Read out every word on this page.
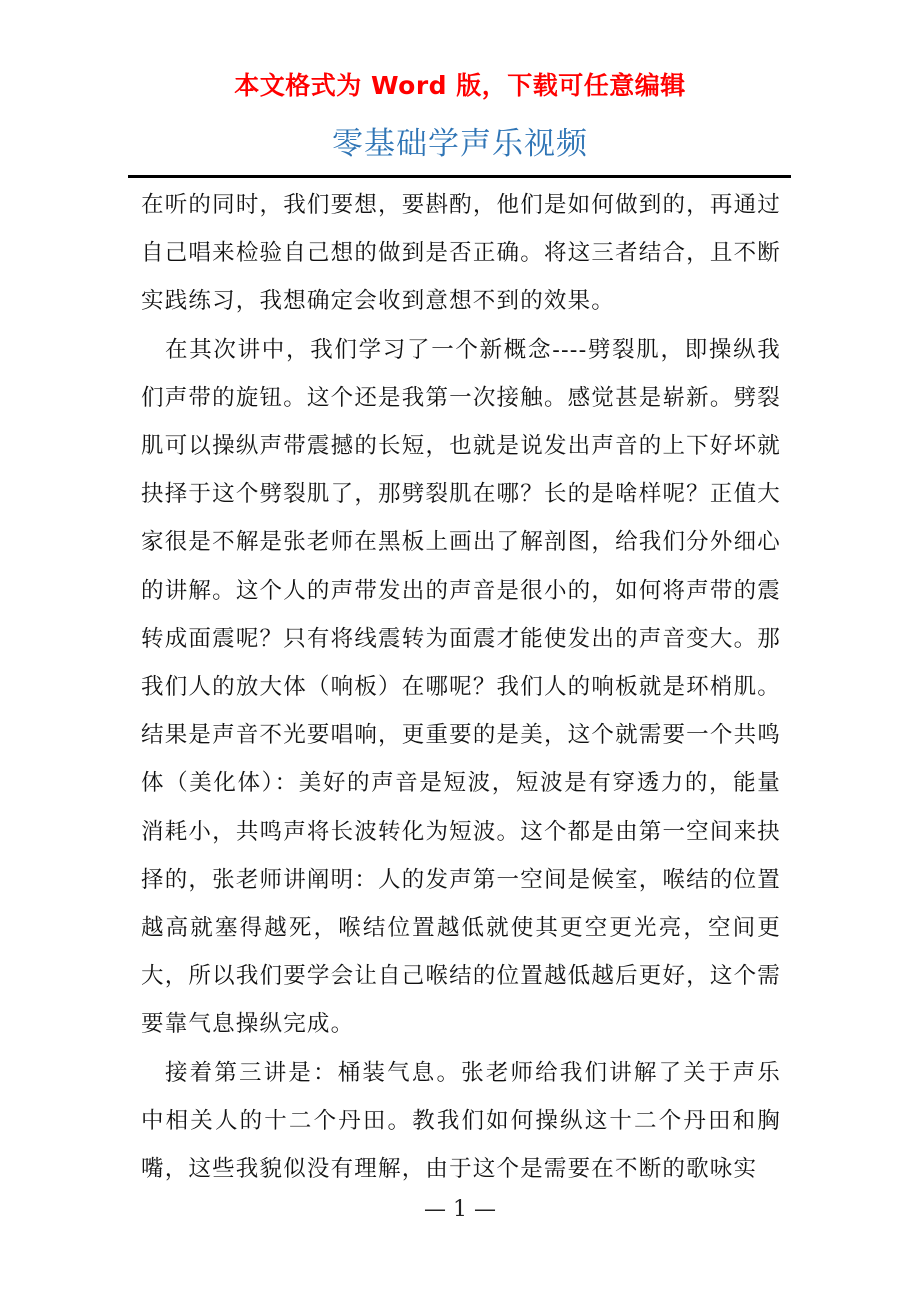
本文格式为 Word 版，下载可任意编辑
零基础学声乐视频

在听的同时，我们要想，要斟酌，他们是如何做到的，再通过自己唱来检验自己想的做到是否正确。将这三者结合，且不断实践练习，我想确定会收到意想不到的效果。

在其次讲中，我们学习了一个新概念----劈裂肌，即操纵我们声带的旋钮。这个还是我第一次接触。感觉甚是崭新。劈裂肌可以操纵声带震撼的长短，也就是说发出声音的上下好坏就抉择于这个劈裂肌了，那劈裂肌在哪？长的是啥样呢？正值大家很是不解是张老师在黑板上画出了解剖图，给我们分外细心的讲解。这个人的声带发出的声音是很小的，如何将声带的震转成面震呢？只有将线震转为面震才能使发出的声音变大。那我们人的放大体（响板）在哪呢？我们人的响板就是环梢肌。结果是声音不光要唱响，更重要的是美，这个就需要一个共鸣体（美化体）：美好的声音是短波，短波是有穿透力的，能量消耗小，共鸣声将长波转化为短波。这个都是由第一空间来抉择的，张老师讲阐明：人的发声第一空间是候室，喉结的位置越高就塞得越死，喉结位置越低就使其更空更光亮，空间更大，所以我们要学会让自己喉结的位置越低越后更好，这个需要靠气息操纵完成。

接着第三讲是：桶装气息。张老师给我们讲解了关于声乐中相关人的十二个丹田。教我们如何操纵这十二个丹田和胸嘴，这些我貌似没有理解，由于这个是需要在不断的歌咏实

— 1 —
